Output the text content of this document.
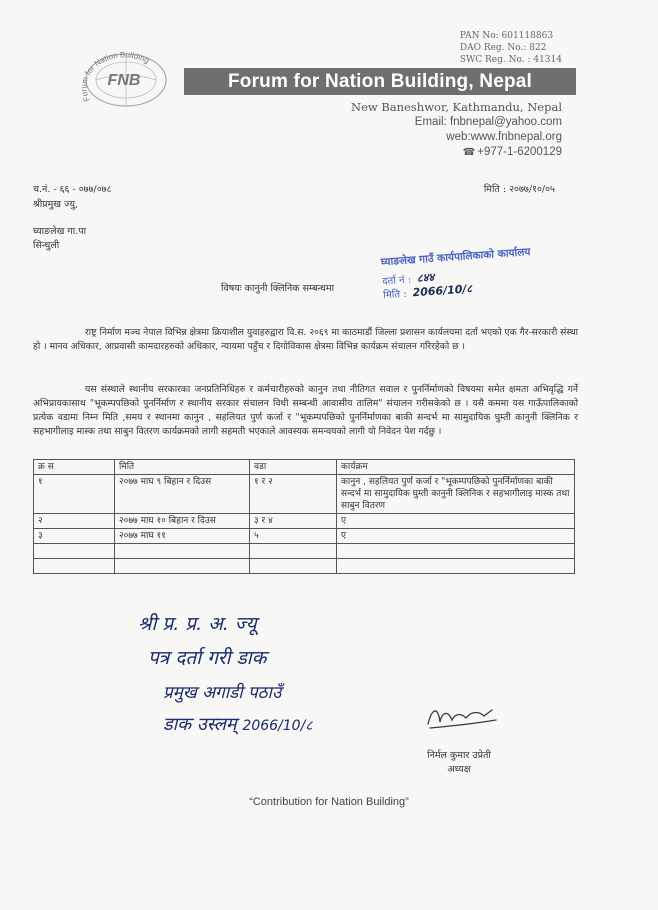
PAN No: 601118863
DAO Reg. No.: 822
SWC Reg. No. : 41314
Forum for Nation Building
FNB	Forum for Nation Building, Nepal
New Baneshwor, Kathmandu, Nepal
Email: fnbnepal@yahoo.com
web:www.fnbnepal.org
☎ +977-1-6200129
च.नं. - ६६ - ०७७/०७८	मिति : २०७७/१०/०५
श्रीप्रमुख ज्यु,
घ्याङलेख गा.पा
सिन्धुली
घ्याङलेख गाउँ कार्यपालिकाको कार्यालय
दर्ता नं : ८४४
मिति : 2066/10/८
विषयः कानुनी क्लिनिक सम्बन्धमा
राष्ट्र निर्माण मञ्च नेपाल विभिन्न क्षेत्रमा क्रियाशील युवाहरुद्वारा वि.स. २०६९ मा काठमाडौं जिल्ला प्रशासन कार्यलयमा दर्ता भएको एक गैर-सरकारी संस्था हो । मानव अधिकार, आप्रवासी कामदारहरुको अधिकार, न्यायमा पहुँच र दिगोविकास क्षेत्रमा विभिन्न कार्यक्रम संचालन गरिरहेको छ ।
यस संस्थाले स्थानीय सरकारका जनप्रतिनिधिहरु र कर्मचारीहरुको कानुन तथा नीतिगत सवाल र पुनर्निर्माणको विषयमा समेत क्षमता अभिवृद्धि गर्ने अभिप्रायकासाथ "भूकम्पपछिको पुनर्निर्माण र स्थानीय सरकार संचालन विधी सम्बन्धी आवासीय तालिम" संचालन गरीसकेको छ । यसै कममा यस गाऊँपालिकाको प्रत्येक वडामा निम्न मिति ,समय र स्थानमा कानुन , सहलियत पुर्ण कर्जा र "भूकम्पपछिको पुनर्निर्माणका बाकी सन्दर्भ मा सामुदायिक घुम्ती कानुनी क्लिनिक र सहभागीलाइ मास्क तथा साबुन वितरण कार्यक्रमको लागी सहमती भएकाले आवस्यक समन्वयको लागी यो निवेदन पेश गर्दछु ।
क्र स	मिति	वडा	कार्यक्रम
१	२०७७ माघ ९ बिहान र दिउस	१ र २	कानुन , सहलियत पुर्ण कर्जा र "भूकम्पपछिको पुनर्निर्माणका बाकी सन्दर्भ मा सामुदायिक घुम्ती कानुनी क्लिनिक र सहभागीलाइ मास्क तथा साबुन वितरण
२	२०७७ माघ १० बिहान र दिउस	३ र ४	ए
३	२०७७ माघ ११	५	ए

श्री प्र. प्र. अ. ज्यू
पत्र दर्ता गरी डाक
प्रमुख अगाडी पठाउँ
डाक उस्लम् 2066/10/८
निर्मल कुमार उप्रेती
अध्यक्ष
“Contribution for Nation Building”
